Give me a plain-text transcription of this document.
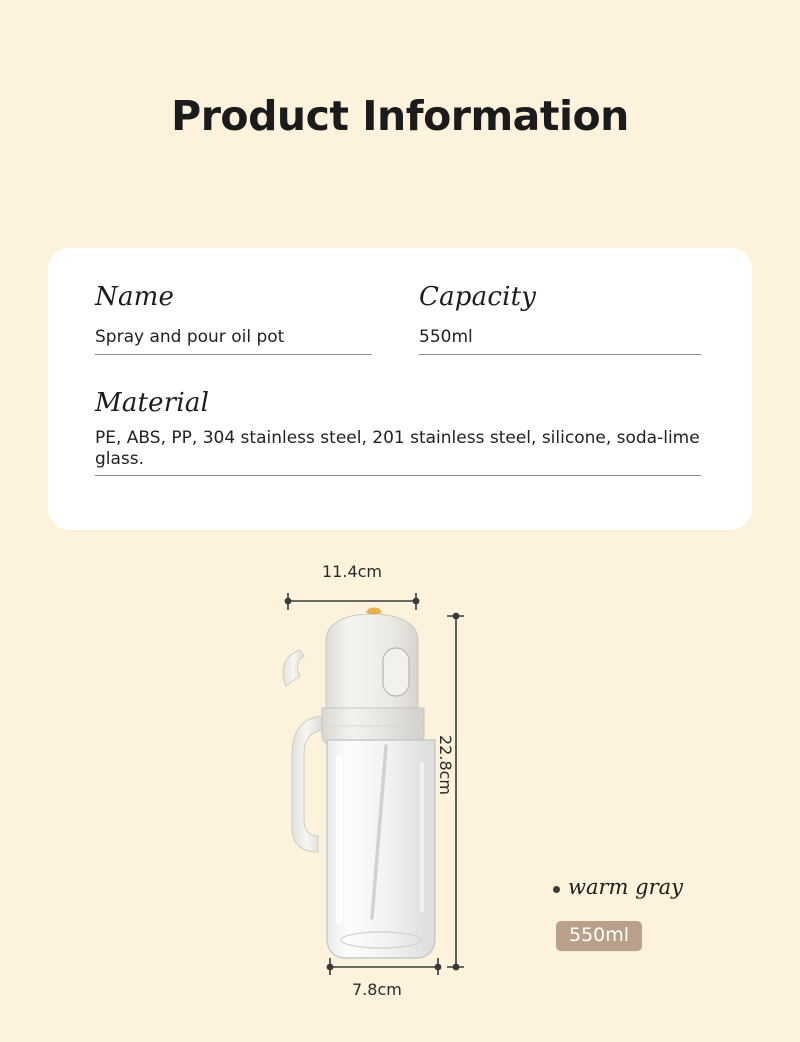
Product Information
Name
Spray and pour oil pot
Capacity
550ml
Material
PE, ABS, PP, 304 stainless steel, 201 stainless steel, silicone, soda-lime glass.
11.4cm
7.8cm
22.8cm
warm gray
550ml
